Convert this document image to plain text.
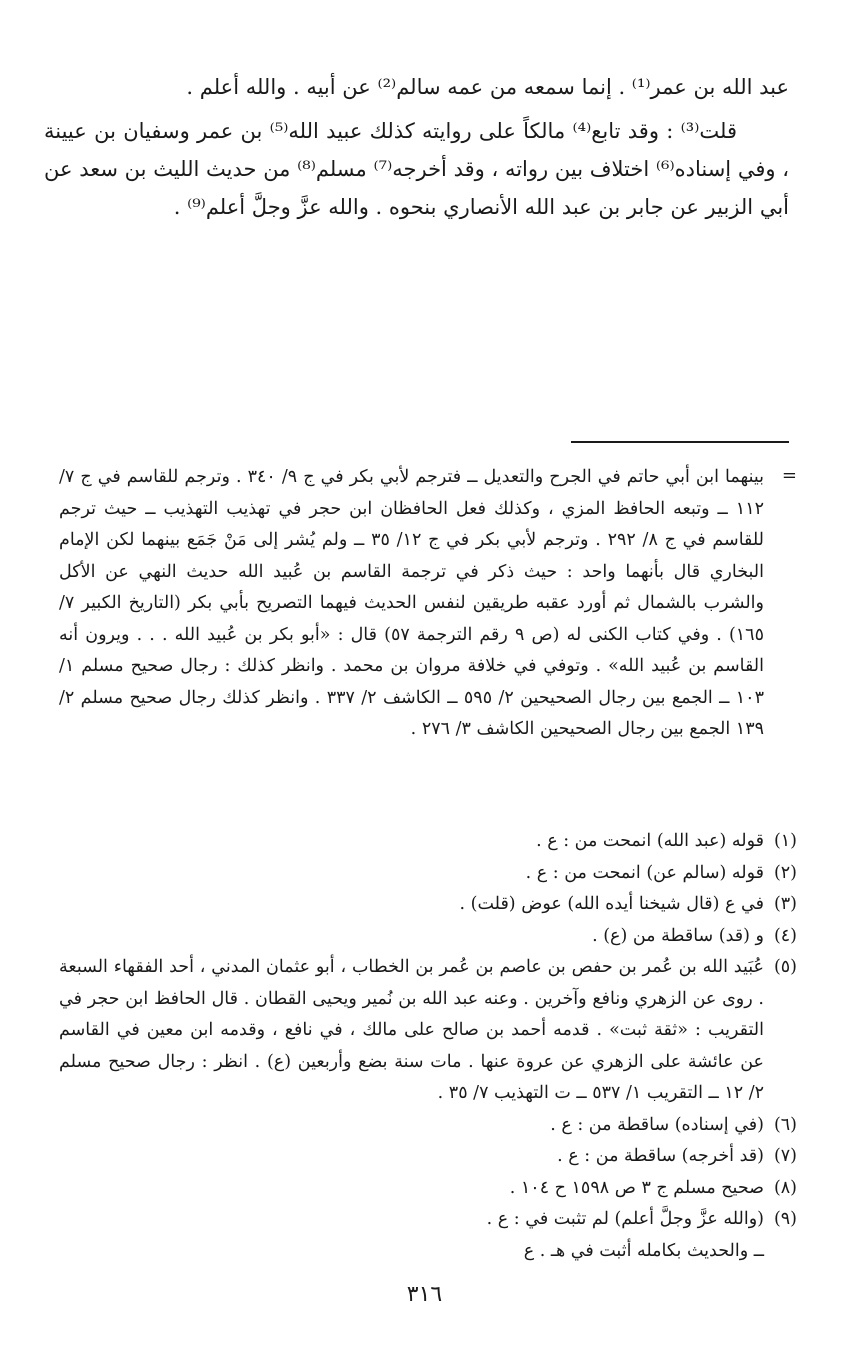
عبد الله بن عمر⁽¹⁾ . إنما سمعه من عمه سالم⁽²⁾ عن أبيه . والله أعلم .

قلت⁽³⁾ : وقد تابع⁽⁴⁾ مالكاً على روايته كذلك عبيد الله⁽⁵⁾ بن عمر وسفيان بن عيينة ، وفي إسناده⁽⁶⁾ اختلاف بين رواته ، وقد أخرجه⁽⁷⁾ مسلم⁽⁸⁾ من حديث الليث بن سعد عن أبي الزبير عن جابر بن عبد الله الأنصاري بنحوه . والله عزَّ وجلَّ أعلم⁽⁹⁾ .

=
بينهما ابن أبي حاتم في الجرح والتعديل ــ فترجم لأبي بكر في ج ٩/ ٣٤٠ . وترجم للقاسم في ج ٧/ ١١٢ ــ وتبعه الحافظ المزي ، وكذلك فعل الحافظان ابن حجر في تهذيب التهذيب ــ حيث ترجم للقاسم في ج ٨/ ٢٩٢ . وترجم لأبي بكر في ج ١٢/ ٣٥ ــ ولم يُشر إلى مَنْ جَمَع بينهما لكن الإمام البخاري قال بأنهما واحد : حيث ذكر في ترجمة القاسم بن عُبيد الله حديث النهي عن الأكل والشرب بالشمال ثم أورد عقبه طريقين لنفس الحديث فيهما التصريح بأبي بكر (التاريخ الكبير ٧/ ١٦٥) . وفي كتاب الكنى له (ص ٩ رقم الترجمة ٥٧) قال : «أبو بكر بن عُبيد الله . . . ويرون أنه القاسم بن عُبيد الله» . وتوفي في خلافة مروان بن محمد . وانظر كذلك : رجال صحيح مسلم ١/ ١٠٣ ــ الجمع بين رجال الصحيحين ٢/ ٥٩٥ ــ الكاشف ٢/ ٣٣٧ . وانظر كذلك رجال صحيح مسلم ٢/ ١٣٩ الجمع بين رجال الصحيحين الكاشف ٣/ ٢٧٦ .
(١)
قوله (عبد الله) انمحت من : ع .
(٢)
قوله (سالم عن) انمحت من : ع .
(٣)
في ع (قال شيخنا أيده الله) عوض (قلت) .
(٤)
و (قد) ساقطة من (ع) .
(٥)
عُبَيد الله بن عُمر بن حفص بن عاصم بن عُمر بن الخطاب ، أبو عثمان المدني ، أحد الفقهاء السبعة . روى عن الزهري ونافع وآخرين . وعنه عبد الله بن نُمير ويحيى القطان . قال الحافظ ابن حجر في التقريب : «ثقة ثبت» . قدمه أحمد بن صالح على مالك ، في نافع ، وقدمه ابن معين في القاسم عن عائشة على الزهري عن عروة عنها . مات سنة بضع وأربعين (ع) . انظر : رجال صحيح مسلم ٢/ ١٢ ــ التقريب ١/ ٥٣٧ ــ ت التهذيب ٧/ ٣٥ .
(٦)
(في إسناده) ساقطة من : ع .
(٧)
(قد أخرجه) ساقطة من : ع .
(٨)
صحيح مسلم ج ٣ ص ١٥٩٨ ح ١٠٤ .
(٩)
(والله عزَّ وجلَّ أعلم) لم تثبت في : ع .
ــ والحديث بكامله أثبت في هـ . ع
٣١٦
